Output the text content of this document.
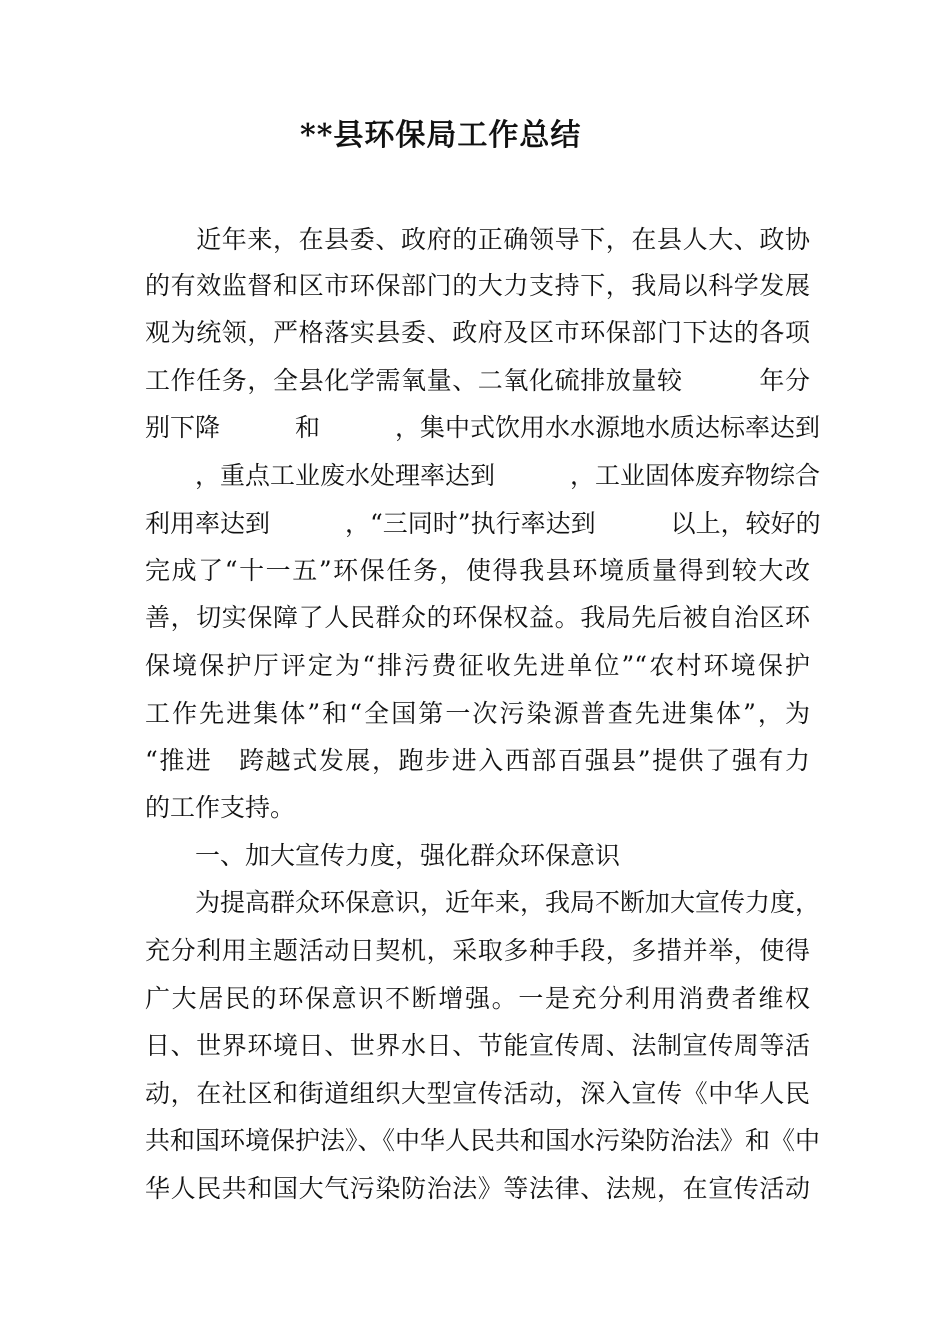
**县环保局工作总结
　　近年来，在县委、政府的正确领导下，在县人大、政协
的有效监督和区市环保部门的大力支持下，我局以科学发展
观为统领，严格落实县委、政府及区市环保部门下达的各项
工作任务，全县化学需氧量、二氧化硫排放量较　　　年分
别下降　　　和　　　，集中式饮用水水源地水质达标率达到
　　，重点工业废水处理率达到　　　，工业固体废弃物综合
利用率达到　　　，“三同时”执行率达到　　　以上，较好的
完成了“十一五”环保任务，使得我县环境质量得到较大改
善，切实保障了人民群众的环保权益。我局先后被自治区环
保境保护厅评定为“排污费征收先进单位”“农村环境保护
工作先进集体”和“全国第一次污染源普查先进集体”，为
“推进　跨越式发展，跑步进入西部百强县”提供了强有力
的工作支持。
　　一、加大宣传力度，强化群众环保意识
　　为提高群众环保意识，近年来，我局不断加大宣传力度，
充分利用主题活动日契机，采取多种手段，多措并举，使得
广大居民的环保意识不断增强。一是充分利用消费者维权
日、世界环境日、世界水日、节能宣传周、法制宣传周等活
动，在社区和街道组织大型宣传活动，深入宣传《中华人民
共和国环境保护法》、《中华人民共和国水污染防治法》和《中
华人民共和国大气污染防治法》等法律、法规，在宣传活动
